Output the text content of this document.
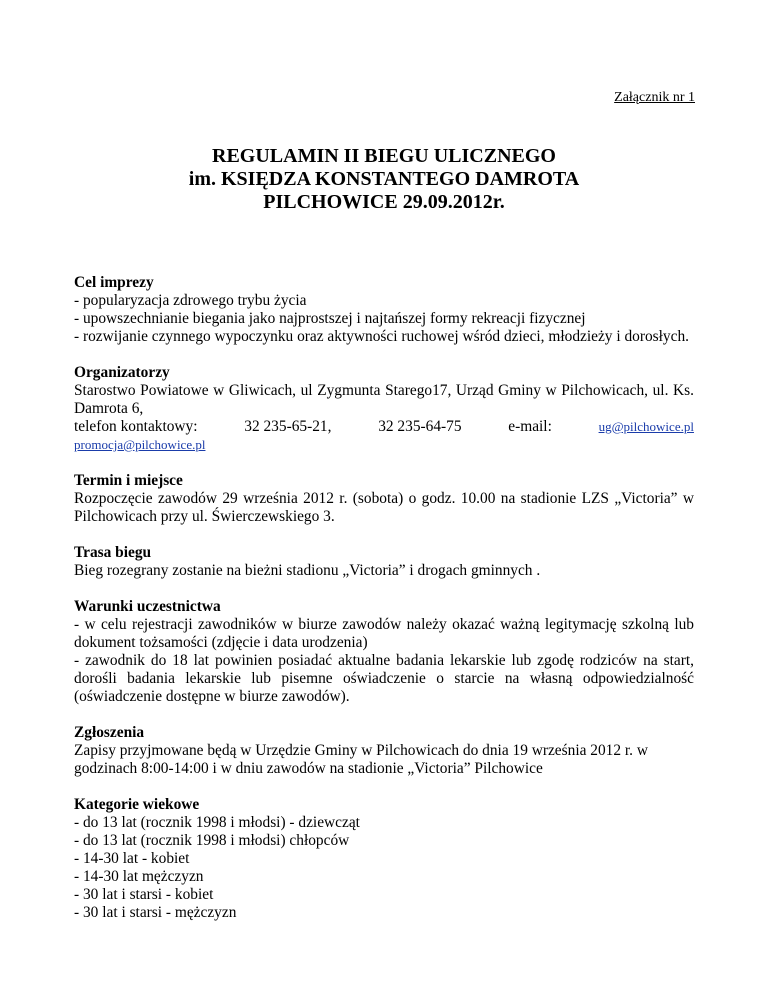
Załącznik nr 1
REGULAMIN II BIEGU ULICZNEGO
im. KSIĘDZA KONSTANTEGO DAMROTA
PILCHOWICE 29.09.2012r.
Cel imprezy

- popularyzacja zdrowego trybu życia

- upowszechnianie biegania jako najprostszej i najtańszej formy rekreacji fizycznej

- rozwijanie czynnego wypoczynku oraz aktywności ruchowej wśród dzieci, młodzieży i dorosłych.

Organizatorzy

Starostwo Powiatowe w Gliwicach, ul Zygmunta Starego17, Urząd Gminy w Pilchowicach, ul. Ks. Damrota 6,

telefon kontaktowy:	32 235-65-21,	32 235-64-75	e-mail:	ug@pilchowice.pl

promocja@pilchowice.pl

Termin i miejsce

Rozpoczęcie zawodów 29 września 2012 r. (sobota) o godz. 10.00 na stadionie LZS „Victoria” w Pilchowicach przy ul. Świerczewskiego 3.

Trasa biegu

Bieg rozegrany zostanie na bieżni stadionu „Victoria” i drogach gminnych .

Warunki uczestnictwa

- w celu rejestracji zawodników w biurze zawodów należy okazać ważną legitymację szkolną lub dokument tożsamości (zdjęcie i data urodzenia)

- zawodnik do 18 lat powinien posiadać aktualne badania lekarskie lub zgodę rodziców na start, dorośli badania lekarskie lub pisemne oświadczenie o starcie na własną odpowiedzialność (oświadczenie dostępne w biurze zawodów).

Zgłoszenia

Zapisy przyjmowane będą w Urzędzie Gminy w Pilchowicach do dnia 19 września 2012 r. w godzinach 8:00-14:00 i w dniu zawodów na stadionie „Victoria” Pilchowice

Kategorie wiekowe

- do 13 lat (rocznik 1998 i młodsi) - dziewcząt

- do 13 lat (rocznik 1998 i młodsi) chłopców

- 14-30 lat - kobiet

- 14-30 lat mężczyzn

- 30 lat i starsi - kobiet

- 30 lat i starsi - mężczyzn
